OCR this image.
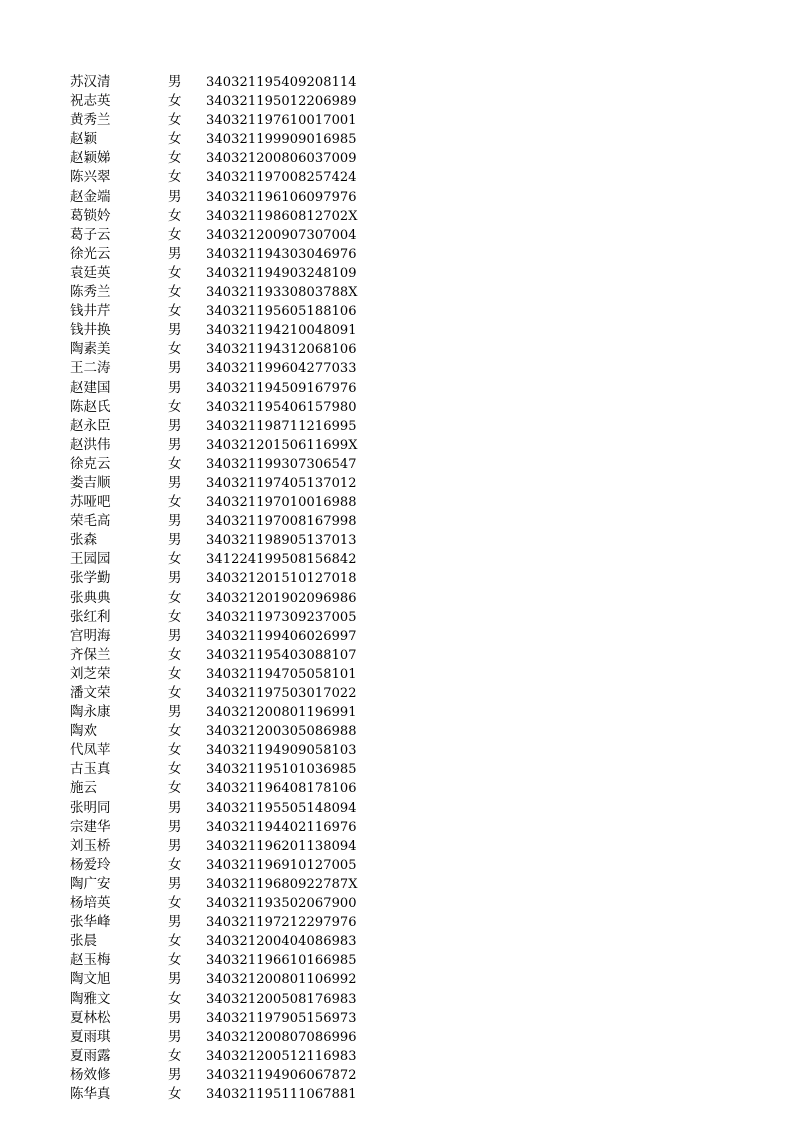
苏汉清	男 340321195409208114
祝志英	女 340321195012206989
黄秀兰	女 340321197610017001
赵颖	女 340321199909016985
赵颖娣	女 340321200806037009
陈兴翠	女 340321197008257424
赵金端	男 340321196106097976
葛锁妗	女 34032119860812702X
葛子云	女 340321200907307004
徐光云	男 340321194303046976
袁廷英	女 340321194903248109
陈秀兰	女 34032119330803788X
钱井芹	女 340321195605188106
钱井换	男 340321194210048091
陶素美	女 340321194312068106
王二涛	男 340321199604277033
赵建国	男 340321194509167976
陈赵氏	女 340321195406157980
赵永臣	男 340321198711216995
赵洪伟	男 34032120150611699X
徐克云	女 340321199307306547
娄吉顺	男 340321197405137012
苏哑吧	女 340321197010016988
荣毛高	男 340321197008167998
张森	男 340321198905137013
王园园	女 341224199508156842
张学勤	男 340321201510127018
张典典	女 340321201902096986
张红利	女 340321197309237005
宫明海	男 340321199406026997
齐保兰	女 340321195403088107
刘芝荣	女 340321194705058101
潘文荣	女 340321197503017022
陶永康	男 340321200801196991
陶欢	女 340321200305086988
代凤苹	女 340321194909058103
古玉真	女 340321195101036985
施云	女 340321196408178106
张明同	男 340321195505148094
宗建华	男 340321194402116976
刘玉桥	男 340321196201138094
杨爱玲	女 340321196910127005
陶广安	男 34032119680922787X
杨培英	女 340321193502067900
张华峰	男 340321197212297976
张晨	女 340321200404086983
赵玉梅	女 340321196610166985
陶文旭	男 340321200801106992
陶雅文	女 340321200508176983
夏林松	男 340321197905156973
夏雨琪	男 340321200807086996
夏雨露	女 340321200512116983
杨效修	男 340321194906067872
陈华真	女 340321195111067881
